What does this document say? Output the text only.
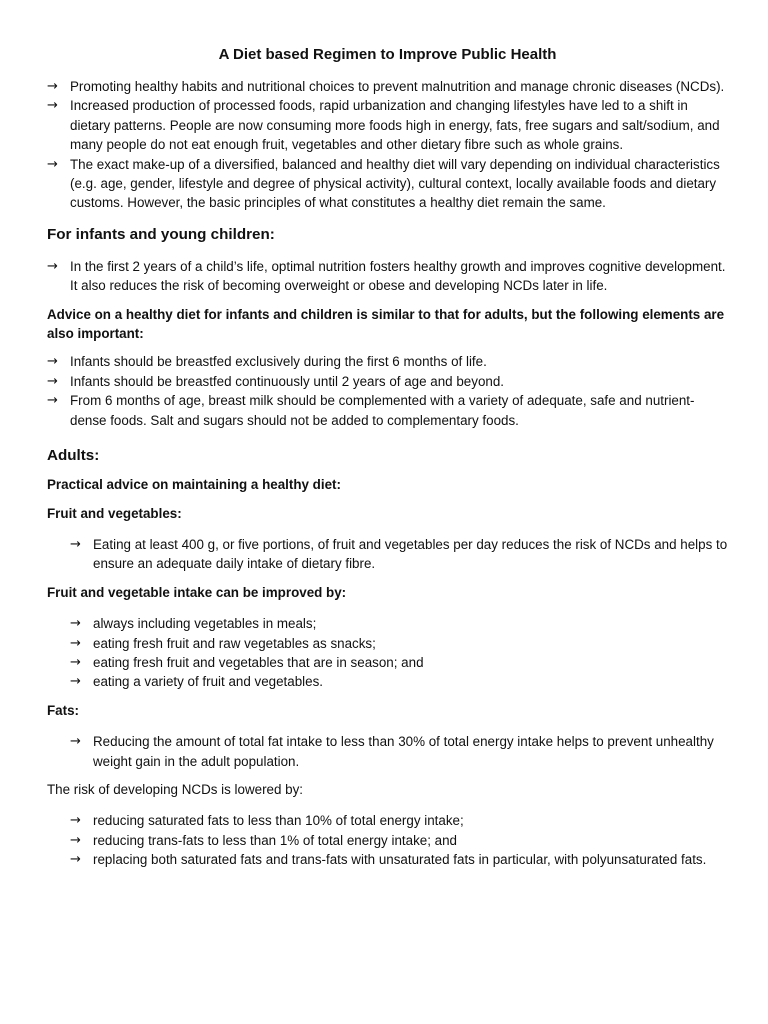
A Diet based Regimen to Improve Public Health
→ Promoting healthy habits and nutritional choices to prevent malnutrition and manage chronic diseases (NCDs).
→ Increased production of processed foods, rapid urbanization and changing lifestyles have led to a shift in dietary patterns. People are now consuming more foods high in energy, fats, free sugars and salt/sodium, and many people do not eat enough fruit, vegetables and other dietary fibre such as whole grains.
→ The exact make-up of a diversified, balanced and healthy diet will vary depending on individual characteristics (e.g. age, gender, lifestyle and degree of physical activity), cultural context, locally available foods and dietary customs. However, the basic principles of what constitutes a healthy diet remain the same.
For infants and young children:
→ In the first 2 years of a child’s life, optimal nutrition fosters healthy growth and improves cognitive development. It also reduces the risk of becoming overweight or obese and developing NCDs later in life.

Advice on a healthy diet for infants and children is similar to that for adults, but the following elements are also important:

→ Infants should be breastfed exclusively during the first 6 months of life.
→ Infants should be breastfed continuously until 2 years of age and beyond.
→ From 6 months of age, breast milk should be complemented with a variety of adequate, safe and nutrient-dense foods. Salt and sugars should not be added to complementary foods.
Adults:

Practical advice on maintaining a healthy diet:

Fruit and vegetables:

→ Eating at least 400 g, or five portions, of fruit and vegetables per day reduces the risk of NCDs and helps to ensure an adequate daily intake of dietary fibre.

Fruit and vegetable intake can be improved by:

→ always including vegetables in meals;
→ eating fresh fruit and raw vegetables as snacks;
→ eating fresh fruit and vegetables that are in season; and
→ eating a variety of fruit and vegetables.

Fats:

→ Reducing the amount of total fat intake to less than 30% of total energy intake helps to prevent unhealthy weight gain in the adult population.

The risk of developing NCDs is lowered by:

→ reducing saturated fats to less than 10% of total energy intake;
→ reducing trans-fats to less than 1% of total energy intake; and
→ replacing both saturated fats and trans-fats with unsaturated fats in particular, with polyunsaturated fats.
